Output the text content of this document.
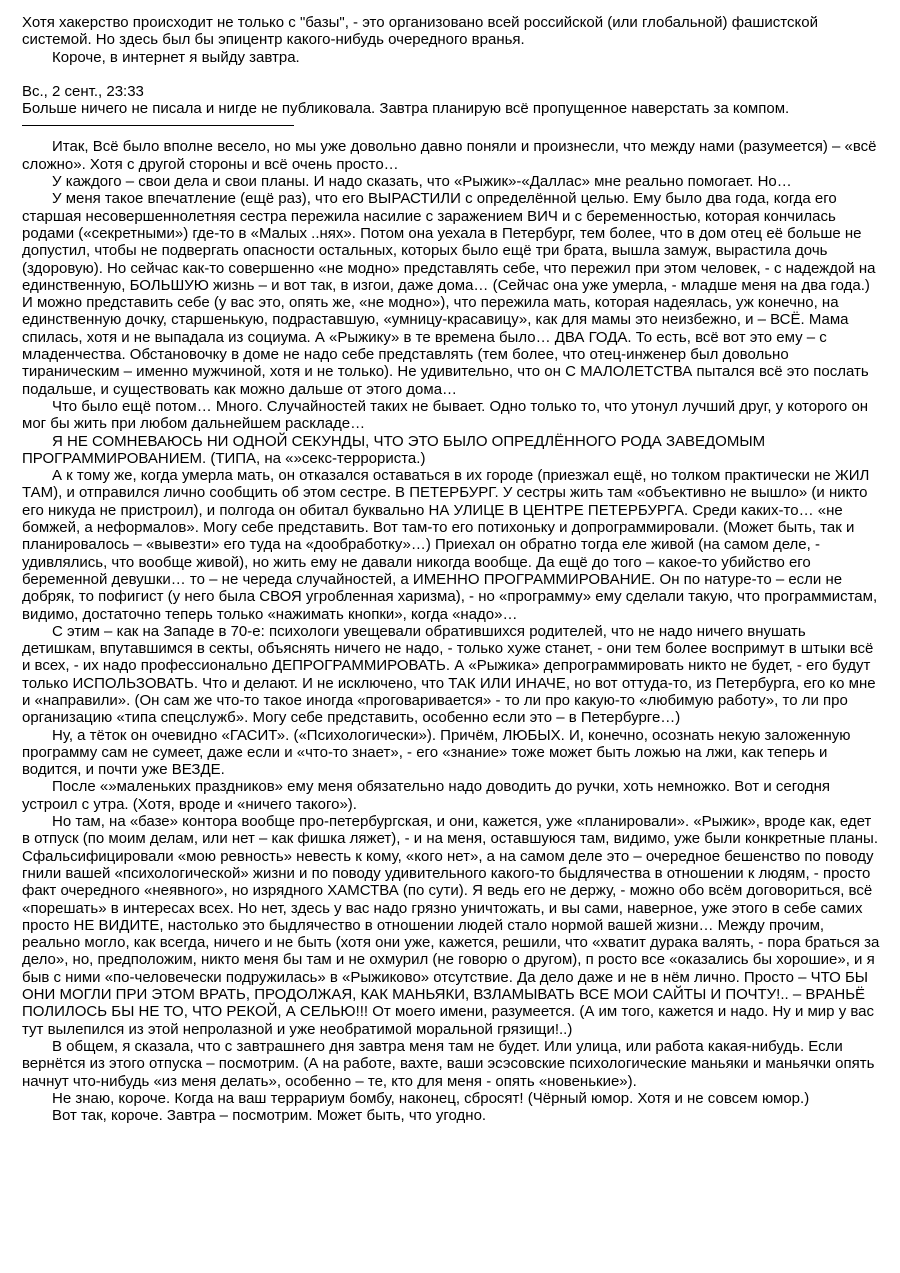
Хотя хакерство происходит не только с "базы", - это организовано всей российской (или глобальной) фашистской системой. Но здесь был бы эпицентр какого-нибудь очередного вранья.

Короче, в интернет я выйду завтра.

Вс., 2 сент., 23:33

Больше ничего не писала и нигде не публиковала. Завтра планирую всё пропущенное наверстать за компом.

Итак, Всё было вполне весело, но мы уже довольно давно поняли и произнесли, что между нами (разумеется) – «всё сложно». Хотя с другой стороны и всё очень просто…

У каждого – свои дела и свои планы. И надо сказать, что «Рыжик»-«Даллас» мне реально помогает. Но…

У меня такое впечатление (ещё раз), что его ВЫРАСТИЛИ с определённой целью. Ему было два года, когда его старшая несовершеннолетняя сестра пережила насилие с заражением ВИЧ и с беременностью, которая кончилась родами («секретными») где-то в «Малых ..нях». Потом она уехала в Петербург, тем более, что в дом отец её больше не допустил, чтобы не подвергать опасности остальных, которых было ещё три брата, вышла замуж, вырастила дочь (здоровую). Но сейчас как-то совершенно «не модно» представлять себе, что пережил при этом человек, - с надеждой на единственную, БОЛЬШУЮ жизнь – и вот так, в изгои, даже дома… (Сейчас она уже умерла, - младше меня на два года.) И можно представить себе (у вас это, опять же, «не модно»), что пережила мать, которая надеялась, уж конечно, на единственную дочку, старшенькую, подраставшую, «умницу-красавицу», как для мамы это неизбежно, и – ВСЁ. Мама спилась, хотя и не выпадала из социума. А «Рыжику» в те времена было… ДВА ГОДА. То есть, всё вот это ему – с младенчества. Обстановочку в доме не надо себе представлять (тем более, что отец-инженер был довольно тираническим – именно мужчиной, хотя и не только). Не удивительно, что он С МАЛОЛЕТСТВА пытался всё это послать подальше, и существовать как можно дальше от этого дома…

Что было ещё потом… Много. Случайностей таких не бывает. Одно только то, что утонул лучший друг, у которого он мог бы жить при любом дальнейшем раскладе…

Я НЕ СОМНЕВАЮСЬ НИ ОДНОЙ СЕКУНДЫ, ЧТО ЭТО БЫЛО ОПРЕДЛЁННОГО РОДА ЗАВЕДОМЫМ ПРОГРАММИРОВАНИЕМ. (ТИПА, на «»секс-террориста.)

А к тому же, когда умерла мать, он отказался оставаться в их городе (приезжал ещё, но толком практически не ЖИЛ ТАМ), и отправился лично сообщить об этом сестре. В ПЕТЕРБУРГ. У сестры жить там «объективно не вышло» (и никто его никуда не пристроил), и полгода он обитал буквально НА УЛИЦЕ В ЦЕНТРЕ ПЕТЕРБУРГА. Среди каких-то… «не бомжей, а неформалов». Могу себе представить. Вот там-то его потихоньку и допрограммировали. (Может быть, так и планировалось – «вывезти» его туда на «дообработку»…) Приехал он обратно тогда еле живой (на самом деле, - удивлялись, что вообще живой), но жить ему не давали никогда вообще. Да ещё до того – какое-то убийство его беременной девушки… то – не череда случайностей, а ИМЕННО ПРОГРАММИРОВАНИЕ. Он по натуре-то – если не добряк, то пофигист (у него была СВОЯ угробленная харизма), - но «программу» ему сделали такую, что программистам, видимо, достаточно теперь только «нажимать кнопки», когда «надо»…

С этим – как на Западе в 70-е: психологи увещевали обратившихся родителей, что не надо ничего внушать детишкам, впутавшимся в секты, объяснять ничего не надо, - только хуже станет, - они тем более воспримут в штыки всё и всех, - их надо профессионально ДЕПРОГРАММИРОВАТЬ. А «Рыжика» депрограммировать никто не будет, - его будут только ИСПОЛЬЗОВАТЬ. Что и делают. И не исключено, что ТАК ИЛИ ИНАЧЕ, но вот оттуда-то, из Петербурга, его ко мне и «направили». (Он сам же что-то такое иногда «проговаривается» - то ли про какую-то «любимую работу», то ли про организацию «типа спецслужб». Могу себе представить, особенно если это – в Петербурге…)

Ну, а тёток он очевидно «ГАСИТ». («Психологически»). Причём, ЛЮБЫХ. И, конечно, осознать некую заложенную программу сам не сумеет, даже если и «что-то знает», - его «знание» тоже может быть ложью на лжи, как теперь и водится, и почти уже ВЕЗДЕ.

После «»маленьких праздников» ему меня обязательно надо доводить до ручки, хоть немножко. Вот и сегодня устроил с утра. (Хотя, вроде и «ничего такого»).

Но там, на «базе» контора вообще про-петербургская, и они, кажется, уже «планировали». «Рыжик», вроде как, едет в отпуск (по моим делам, или нет – как фишка ляжет), - и на меня, оставшуюся там, видимо, уже были конкретные планы. Сфальсифицировали «мою ревность» невесть к кому, «кого нет», а на самом деле это – очередное бешенство по поводу гнили вашей «психологической» жизни и по поводу удивительного какого-то быдлячества в отношении к людям, - просто факт очередного «неявного», но изрядного ХАМСТВА (по сути). Я ведь его не держу, - можно обо всём договориться, всё «порешать» в интересах всех. Но нет, здесь у вас надо грязно уничтожать, и вы сами, наверное, уже этого в себе самих просто НЕ ВИДИТЕ, настолько это быдлячество в отношении людей стало нормой вашей жизни… Между прочим, реально могло, как всегда, ничего и не быть (хотя они уже, кажется, решили, что «хватит дурака валять, - пора браться за дело», но, предположим, никто меня бы там и не охмурил (не говорю о другом), п росто все «оказались бы хорошие», и я быв с ними «по-человечески подружилась» в «Рыжиково» отсутствие. Да дело даже и не в нём лично. Просто – ЧТО БЫ ОНИ МОГЛИ ПРИ ЭТОМ ВРАТЬ, ПРОДОЛЖАЯ, КАК МАНЬЯКИ, ВЗЛАМЫВАТЬ ВСЕ МОИ САЙТЫ И ПОЧТУ!.. – ВРАНЬЁ ПОЛИЛОСЬ БЫ НЕ ТО, ЧТО РЕКОЙ, А СЕЛЬЮ!!! От моего имени, разумеется. (А им того, кажется и надо. Ну и мир у вас тут вылепился из этой непролазной и уже необратимой моральной грязищи!..)

В общем, я сказала, что с завтрашнего дня завтра меня там не будет. Или улица, или работа какая-нибудь. Если вернётся из этого отпуска – посмотрим. (А на работе, вахте, ваши эсэсовские психологические маньяки и маньячки опять начнут что-нибудь «из меня делать», особенно – те, кто для меня - опять «новенькие»).

Не знаю, короче. Когда на ваш террариум бомбу, наконец, сбросят! (Чёрный юмор. Хотя и не совсем юмор.)

Вот так, короче. Завтра – посмотрим. Может быть, что угодно.
